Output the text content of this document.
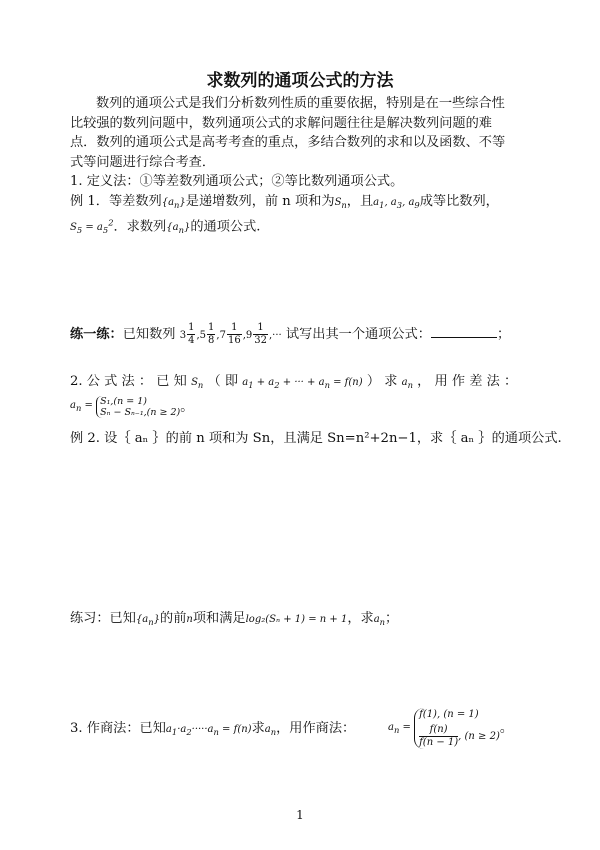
求数列的通项公式的方法
数列的通项公式是我们分析数列性质的重要依据，特别是在一些综合性
比较强的数列问题中，数列通项公式的求解问题往往是解决数列问题的难
点．数列的通项公式是高考考查的重点，多结合数列的求和以及函数、不等
式等问题进行综合考查．
1. 定义法：①等差数列通项公式；②等比数列通项公式。
例 1．等差数列$\{a_n\}$是递增数列，前 n 项和为$S_n$，且$a_1$, $a_3$, $a_9$成等比数列，
$S_5 = a_5^2$．求数列$\{a_n\}$的通项公式.
练一练：已知数列 $3 \frac{1}{4} ,5 \frac{1}{8} ,7 \frac{1}{16} ,9 \frac{1}{32}$ ,··· 试写出其一个通项公式：	；
2. 公 式 法 ： 已 知 $S_n$ （ 即 $a_1 + a_2$ + ··· + $a_n = f(n)$ ） 求 $a_n$ ， 用 作 差 法 ：
$a_n = S_1,(n = 1)$
Sₙ − Sₙ₋₁,(n ≥ 2) 。
例 2. 设｛ aₙ ｝的前 n 项和为 Sn，且满足 Sn=n²+2n−1，求｛ aₙ ｝的通项公式.
练习：已知$\{a_n\}$的前n项和满足log₂(Sₙ + 1) = n + 1，求$a_n$；
3. 作商法：已知$a_1\cdot a_2\cdot\cdot\cdot\cdot\cdot a_n = f(n)$求$a_n$，用作商法：	$a_n$ =
f(1), (n = 1)
$\frac{f(n)}{f(n - 1)}$, (n ≥ 2)
。
1
